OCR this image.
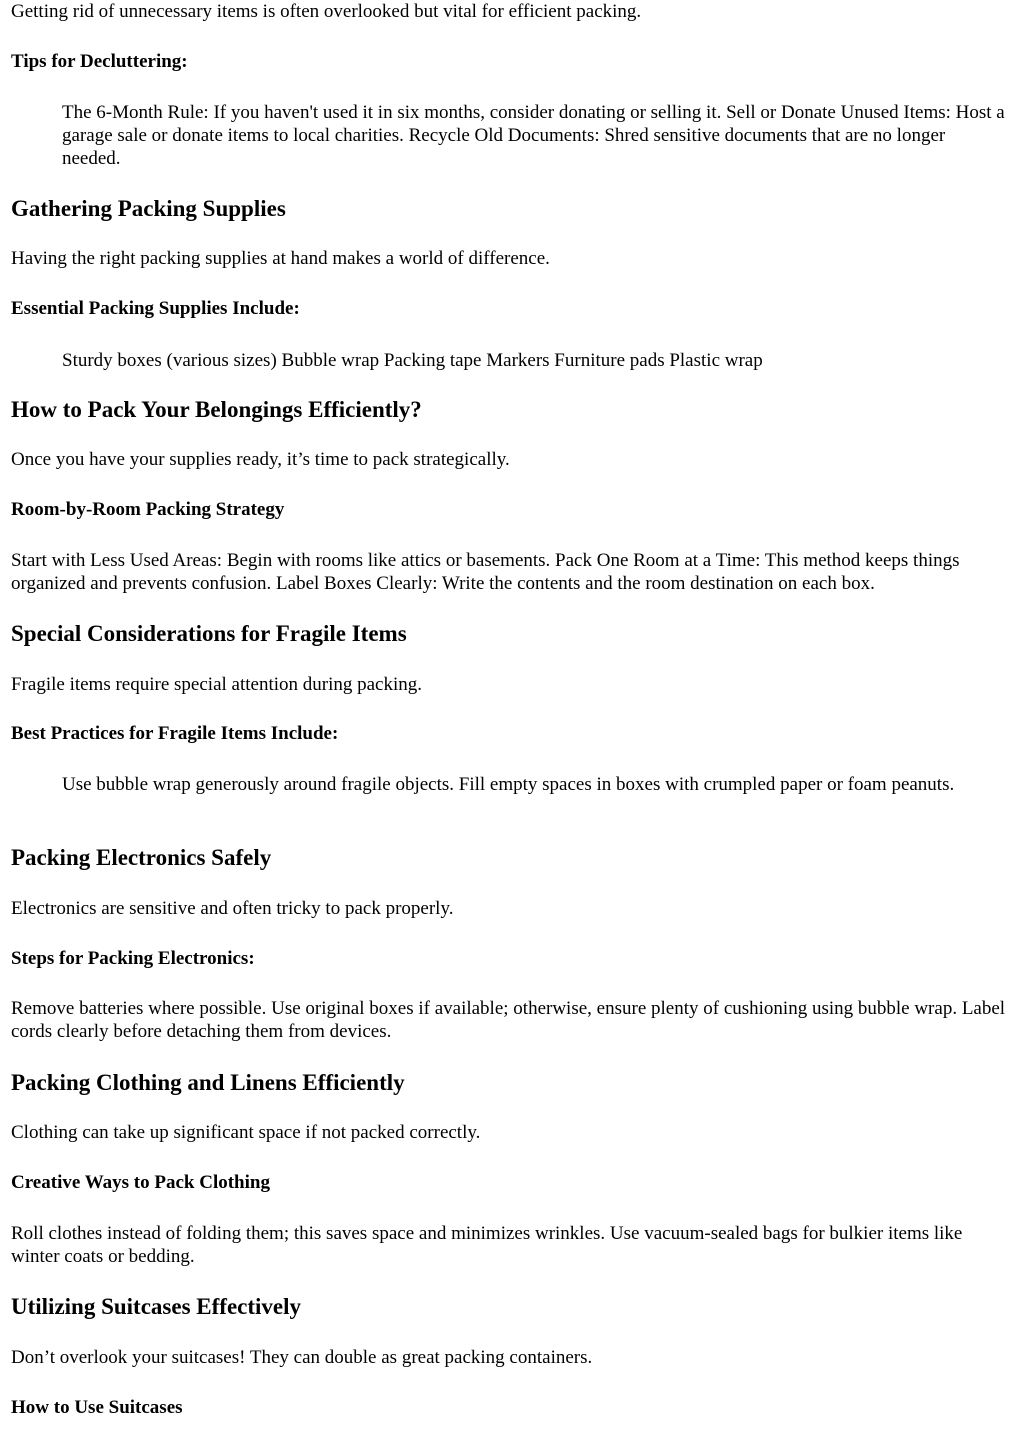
Getting rid of unnecessary items is often overlooked but vital for efficient packing.

Tips for Decluttering:

The 6-Month Rule: If you haven't used it in six months, consider donating or selling it. Sell or Donate Unused Items: Host a garage sale or donate items to local charities. Recycle Old Documents: Shred sensitive documents that are no longer needed.

Gathering Packing Supplies

Having the right packing supplies at hand makes a world of difference.

Essential Packing Supplies Include:

Sturdy boxes (various sizes) Bubble wrap Packing tape Markers Furniture pads Plastic wrap

How to Pack Your Belongings Efficiently?

Once you have your supplies ready, it’s time to pack strategically.

Room-by-Room Packing Strategy

Start with Less Used Areas: Begin with rooms like attics or basements. Pack One Room at a Time: This method keeps things organized and prevents confusion. Label Boxes Clearly: Write the contents and the room destination on each box.

Special Considerations for Fragile Items

Fragile items require special attention during packing.

Best Practices for Fragile Items Include:

Use bubble wrap generously around fragile objects. Fill empty spaces in boxes with crumpled paper or foam peanuts.

Packing Electronics Safely

Electronics are sensitive and often tricky to pack properly.

Steps for Packing Electronics:

Remove batteries where possible. Use original boxes if available; otherwise, ensure plenty of cushioning using bubble wrap. Label cords clearly before detaching them from devices.

Packing Clothing and Linens Efficiently

Clothing can take up significant space if not packed correctly.

Creative Ways to Pack Clothing

Roll clothes instead of folding them; this saves space and minimizes wrinkles. Use vacuum-sealed bags for bulkier items like winter coats or bedding.

Utilizing Suitcases Effectively

Don’t overlook your suitcases! They can double as great packing containers.

How to Use Suitcases
